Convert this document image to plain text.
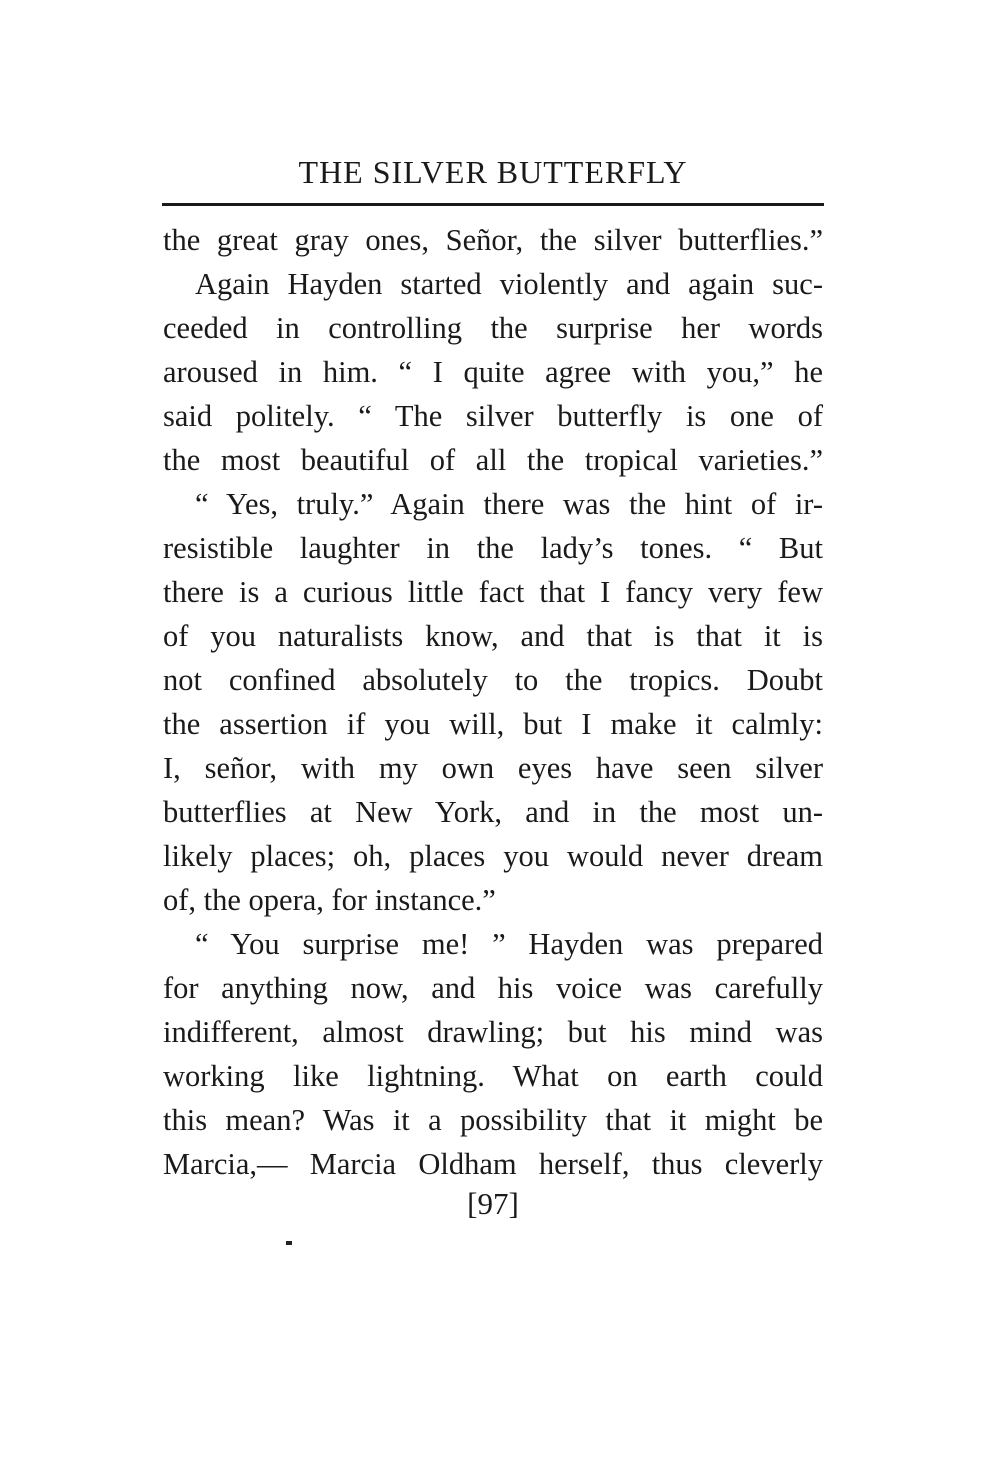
THE SILVER BUTTERFLY
the great gray ones, Señor, the silver butterflies.”
Again Hayden started violently and again suc-
ceeded in controlling the surprise her words
aroused in him. “ I quite agree with you,” he
said politely. “ The silver butterfly is one of
the most beautiful of all the tropical varieties.”
“ Yes, truly.” Again there was the hint of ir-
resistible laughter in the lady’s tones. “ But
there is a curious little fact that I fancy very few
of you naturalists know, and that is that it is
not confined absolutely to the tropics. Doubt
the assertion if you will, but I make it calmly:
I, señor, with my own eyes have seen silver
butterflies at New York, and in the most un-
likely places; oh, places you would never dream
of, the opera, for instance.”
“ You surprise me! ” Hayden was prepared
for anything now, and his voice was carefully
indifferent, almost drawling; but his mind was
working like lightning. What on earth could
this mean? Was it a possibility that it might be
Marcia,— Marcia Oldham herself, thus cleverly
[97]
